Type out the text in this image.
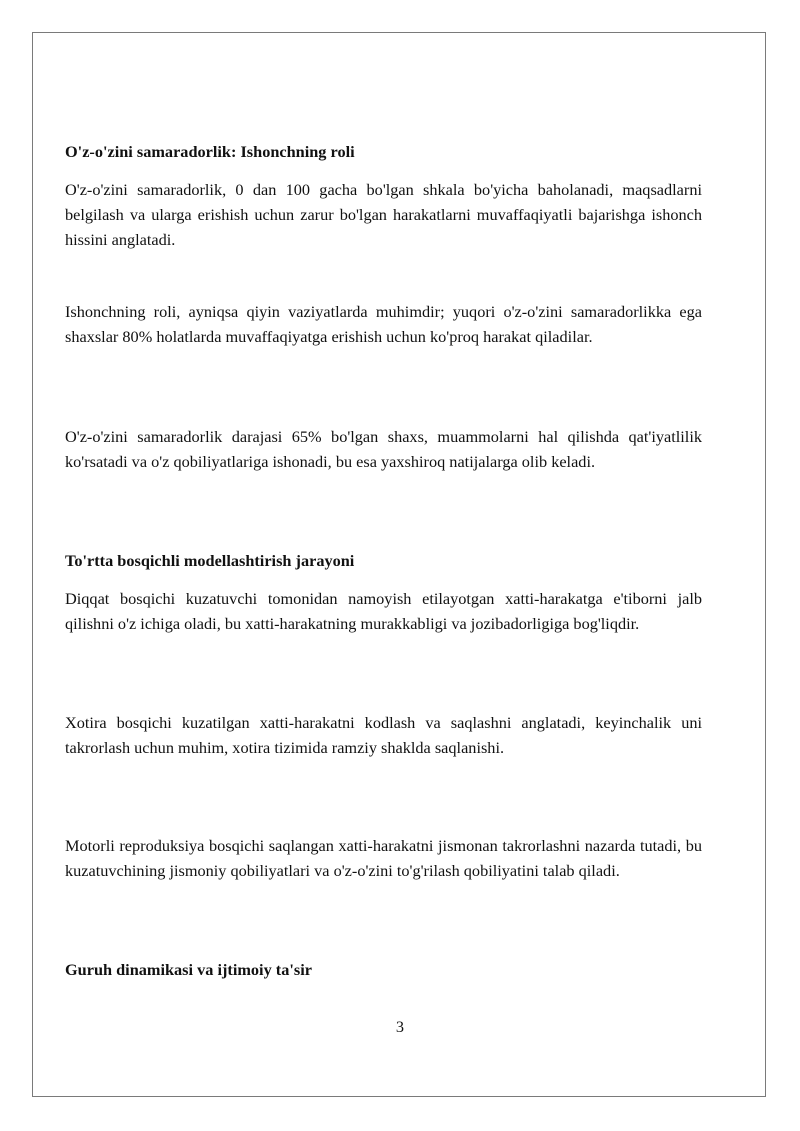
O'z-o'zini samaradorlik: Ishonchning roli

O'z-o'zini samaradorlik, 0 dan 100 gacha bo'lgan shkala bo'yicha baholanadi, maqsadlarni belgilash va ularga erishish uchun zarur bo'lgan harakatlarni muvaffaqiyatli bajarishga ishonch hissini anglatadi.

Ishonchning roli, ayniqsa qiyin vaziyatlarda muhimdir; yuqori o'z-o'zini samaradorlikka ega shaxslar 80% holatlarda muvaffaqiyatga erishish uchun ko'proq harakat qiladilar.

O'z-o'zini samaradorlik darajasi 65% bo'lgan shaxs, muammolarni hal qilishda qat'iyatlilik ko'rsatadi va o'z qobiliyatlariga ishonadi, bu esa yaxshiroq natijalarga olib keladi.

To'rtta bosqichli modellashtirish jarayoni

Diqqat bosqichi kuzatuvchi tomonidan namoyish etilayotgan xatti-harakatga e'tiborni jalb qilishni o'z ichiga oladi, bu xatti-harakatning murakkabligi va jozibadorligiga bog'liqdir.

Xotira bosqichi kuzatilgan xatti-harakatni kodlash va saqlashni anglatadi, keyinchalik uni takrorlash uchun muhim, xotira tizimida ramziy shaklda saqlanishi.

Motorli reproduksiya bosqichi saqlangan xatti-harakatni jismonan takrorlashni nazarda tutadi, bu kuzatuvchining jismoniy qobiliyatlari va o'z-o'zini to'g'rilash qobiliyatini talab qiladi.

Guruh dinamikasi va ijtimoiy ta'sir
3
